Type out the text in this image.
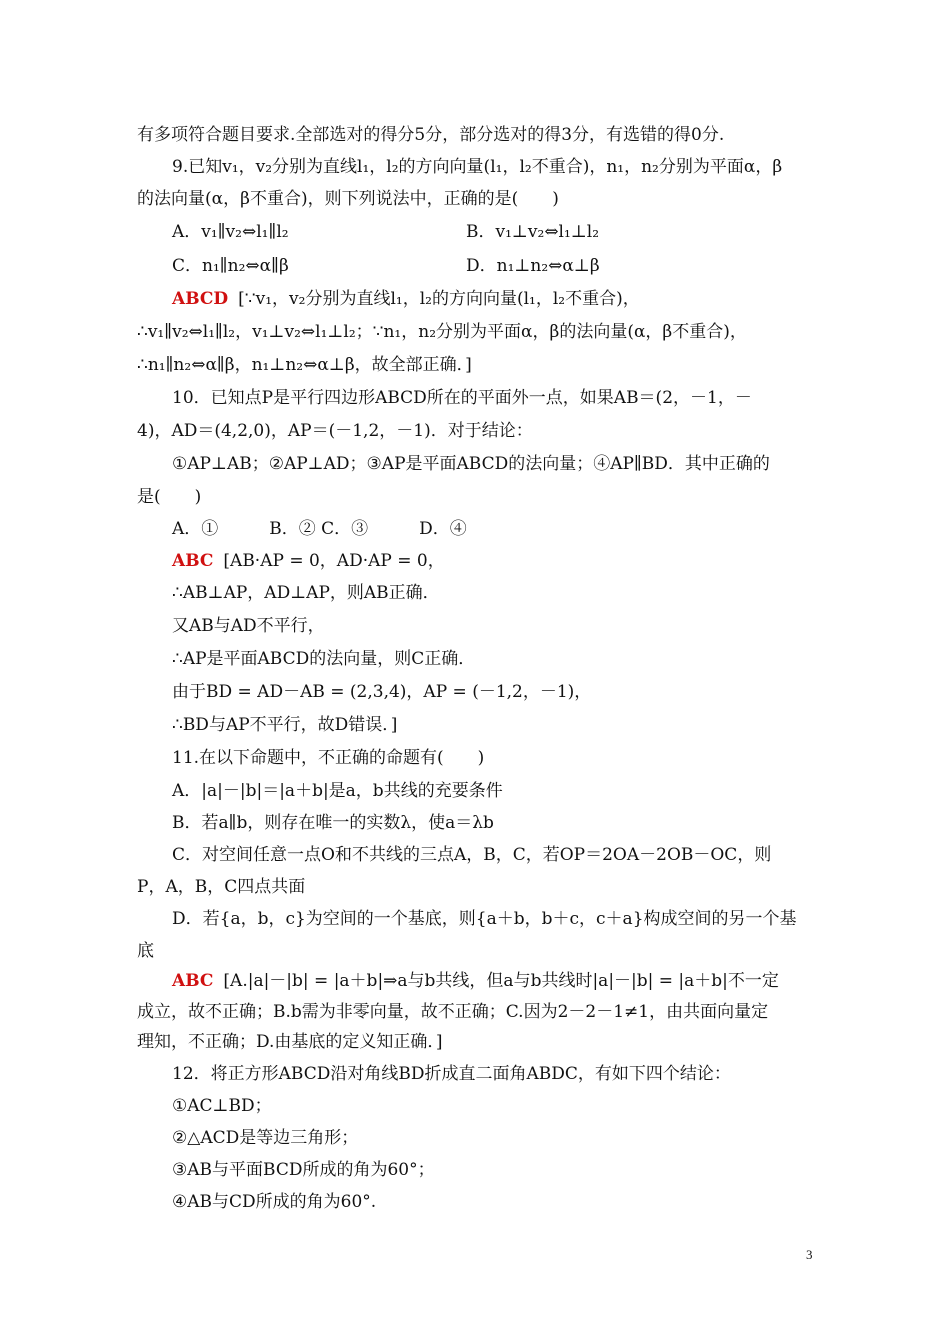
有多项符合题目要求.全部选对的得分5分，部分选对的得3分，有选错的得0分.
9.已知v₁，v₂分别为直线l₁，l₂的方向向量(l₁，l₂不重合)，n₁，n₂分别为平面α，β
的法向量(α，β不重合)，则下列说法中，正确的是(　　)
A．v₁∥v₂⇔l₁∥l₂	B．v₁⊥v₂⇔l₁⊥l₂
C．n₁∥n₂⇔α∥β	D．n₁⊥n₂⇔α⊥β
ABCD [∵v₁，v₂分别为直线l₁，l₂的方向向量(l₁，l₂不重合)，
∴v₁∥v₂⇔l₁∥l₂，v₁⊥v₂⇔l₁⊥l₂；∵n₁，n₂分别为平面α，β的法向量(α，β不重合)，
∴n₁∥n₂⇔α∥β，n₁⊥n₂⇔α⊥β，故全部正确．]
10．已知点P是平行四边形ABCD所在的平面外一点，如果AB＝(2，－1，－
4)，AD＝(4,2,0)，AP＝(－1,2，－1)．对于结论：
①AP⊥AB；②AP⊥AD；③AP是平面ABCD的法向量；④AP∥BD．其中正确的
是(　　)
A．①　　　B．② C．③　　　D．④
ABC [AB·AP = 0，AD·AP = 0，
∴AB⊥AP，AD⊥AP，则AB正确．
又AB与AD不平行，
∴AP是平面ABCD的法向量，则C正确．
由于BD = AD－AB = (2,3,4)，AP = (－1,2，－1)，
∴BD与AP不平行，故D错误．]
11.在以下命题中，不正确的命题有(　　)
A．|a|－|b|＝|a＋b|是a，b共线的充要条件
B．若a∥b，则存在唯一的实数λ，使a＝λb
C．对空间任意一点O和不共线的三点A，B，C，若OP＝2OA－2OB－OC，则
P，A，B，C四点共面
D．若{a，b，c}为空间的一个基底，则{a＋b，b＋c，c＋a}构成空间的另一个基
底
ABC [A.|a|－|b| = |a＋b|⇒a与b共线，但a与b共线时|a|－|b| = |a＋b|不一定
成立，故不正确；B.b需为非零向量，故不正确；C.因为2－2－1≠1，由共面向量定
理知，不正确；D.由基底的定义知正确．]
12．将正方形ABCD沿对角线BD折成直二面角ABDC，有如下四个结论：
①AC⊥BD；
②△ACD是等边三角形；
③AB与平面BCD所成的角为60°；
④AB与CD所成的角为60°.
3
